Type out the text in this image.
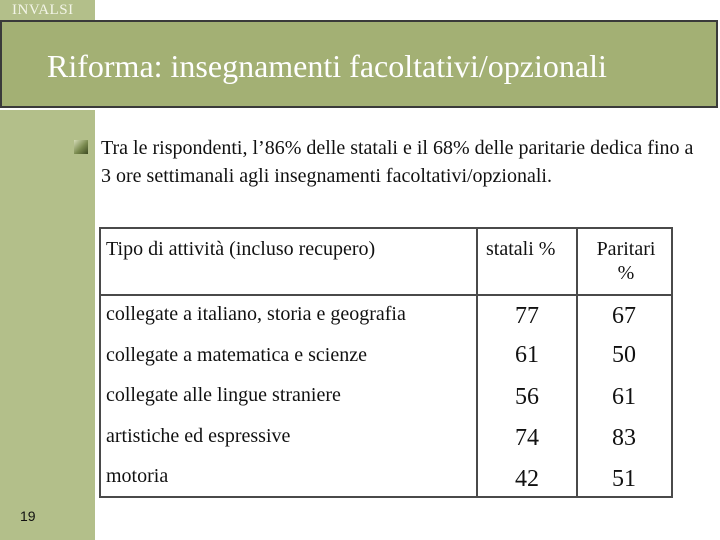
INVALSI
Riforma: insegnamenti facoltativi/opzionali
Tra le rispondenti, l’86% delle statali e il 68% delle paritarie dedica fino a 3 ore settimanali agli insegnamenti facoltativi/opzionali.
Tipo di attività (incluso recupero)	statali %	Paritari
%
collegate a italiano, storia e geografia	77	67
collegate a matematica e scienze	61	50
collegate alle lingue straniere	56	61
artistiche ed espressive	74	83
motoria	42	51
19
